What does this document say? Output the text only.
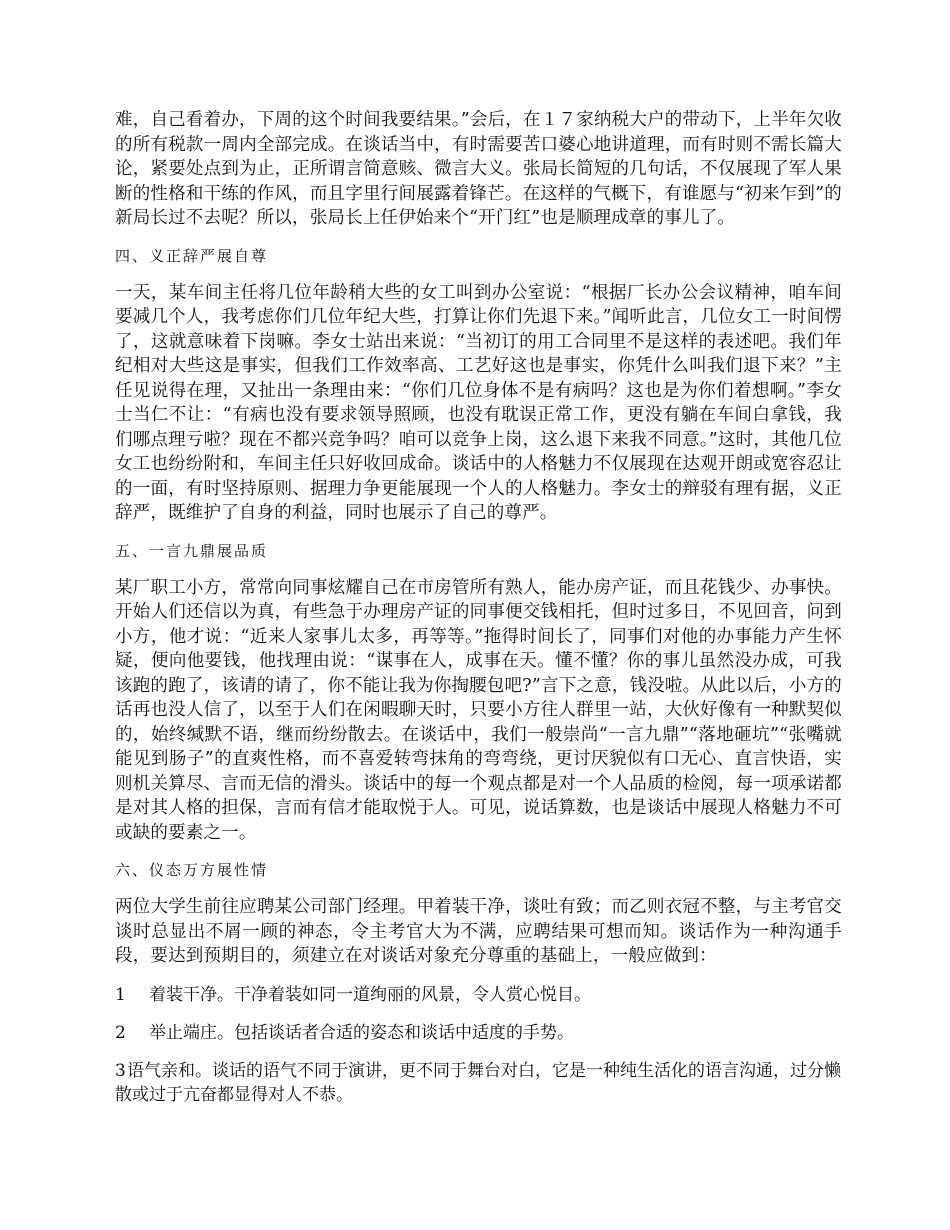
难，自己看着办，下周的这个时间我要结果。”会后，在１７家纳税大户的带动下，上半年欠收的所有税款一周内全部完成。在谈话当中，有时需要苦口婆心地讲道理，而有时则不需长篇大论，紧要处点到为止，正所谓言简意赅、微言大义。张局长简短的几句话，不仅展现了军人果断的性格和干练的作风，而且字里行间展露着锋芒。在这样的气概下，有谁愿与“初来乍到”的新局长过不去呢？所以，张局长上任伊始来个“开门红”也是顺理成章的事儿了。

四、义正辞严展自尊

一天，某车间主任将几位年龄稍大些的女工叫到办公室说：“根据厂长办公会议精神，咱车间要减几个人，我考虑你们几位年纪大些，打算让你们先退下来。”闻听此言，几位女工一时间愣了，这就意味着下岗嘛。李女士站出来说：“当初订的用工合同里不是这样的表述吧。我们年纪相对大些这是事实，但我们工作效率高、工艺好这也是事实，你凭什么叫我们退下来？”主任见说得在理，又扯出一条理由来：“你们几位身体不是有病吗？这也是为你们着想啊。”李女士当仁不让：“有病也没有要求领导照顾，也没有耽误正常工作，更没有躺在车间白拿钱，我们哪点理亏啦？现在不都兴竞争吗？咱可以竞争上岗，这么退下来我不同意。”这时，其他几位女工也纷纷附和，车间主任只好收回成命。谈话中的人格魅力不仅展现在达观开朗或宽容忍让的一面，有时坚持原则、据理力争更能展现一个人的人格魅力。李女士的辩驳有理有据，义正辞严，既维护了自身的利益，同时也展示了自己的尊严。

五、一言九鼎展品质

某厂职工小方，常常向同事炫耀自己在市房管所有熟人，能办房产证，而且花钱少、办事快。开始人们还信以为真，有些急于办理房产证的同事便交钱相托，但时过多日，不见回音，问到小方，他才说：“近来人家事儿太多，再等等。”拖得时间长了，同事们对他的办事能力产生怀疑，便向他要钱，他找理由说：“谋事在人，成事在天。懂不懂？你的事儿虽然没办成，可我该跑的跑了，该请的请了，你不能让我为你掏腰包吧?”言下之意，钱没啦。从此以后，小方的话再也没人信了，以至于人们在闲暇聊天时，只要小方往人群里一站，大伙好像有一种默契似的，始终缄默不语，继而纷纷散去。在谈话中，我们一般崇尚“一言九鼎”“落地砸坑”“张嘴就能见到肠子”的直爽性格，而不喜爱转弯抹角的弯弯绕，更讨厌貌似有口无心、直言快语，实则机关算尽、言而无信的滑头。谈话中的每一个观点都是对一个人品质的检阅，每一项承诺都是对其人格的担保，言而有信才能取悦于人。可见，说话算数，也是谈话中展现人格魅力不可或缺的要素之一。

六、仪态万方展性情

两位大学生前往应聘某公司部门经理。甲着装干净，谈吐有致；而乙则衣冠不整，与主考官交谈时总显出不屑一顾的神态，令主考官大为不满，应聘结果可想而知。谈话作为一种沟通手段，要达到预期目的，须建立在对谈话对象充分尊重的基础上，一般应做到：

1 着装干净。干净着装如同一道绚丽的风景，令人赏心悦目。

2 举止端庄。包括谈话者合适的姿态和谈话中适度的手势。

3语气亲和。谈话的语气不同于演讲，更不同于舞台对白，它是一种纯生活化的语言沟通，过分懒散或过于亢奋都显得对人不恭。
